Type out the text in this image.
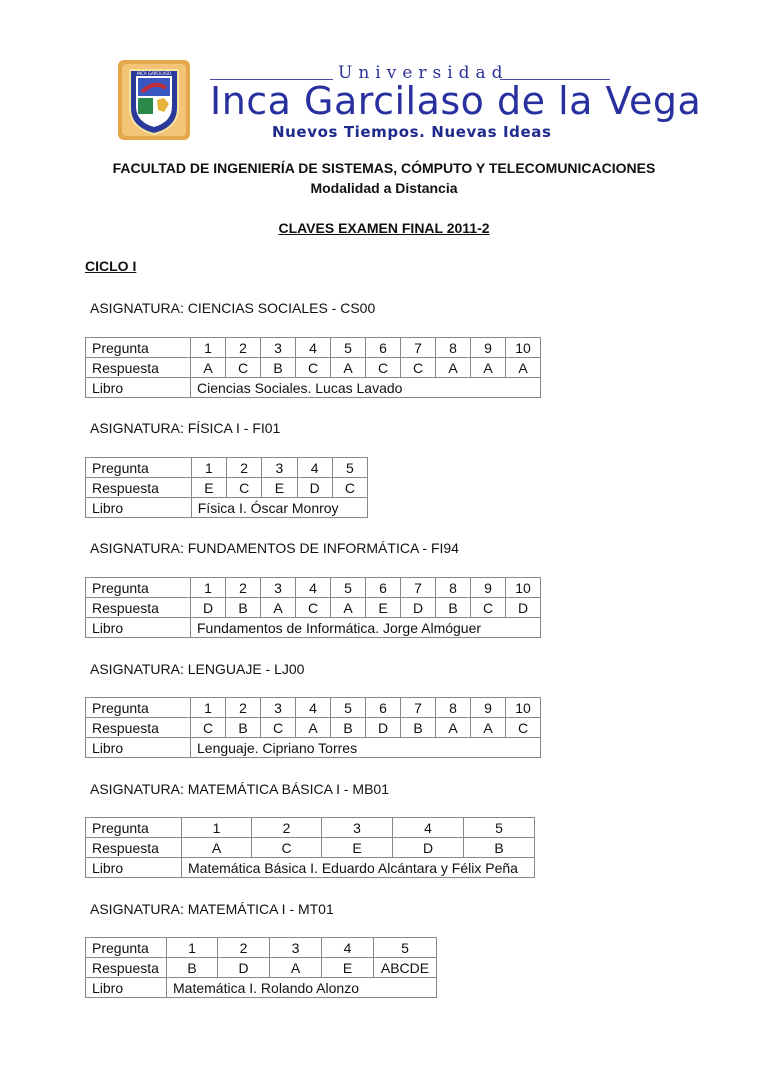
INCA GARCILASO	Universidad
Inca Garcilaso de la Vega
Nuevos Tiempos. Nuevas Ideas
FACULTAD DE INGENIERÍA DE SISTEMAS, CÓMPUTO Y TELECOMUNICACIONES
Modalidad a Distancia
CLAVES EXAMEN FINAL 2011-2
CICLO I
ASIGNATURA: CIENCIAS SOCIALES - CS00
Pregunta	1	2	3	4	5	6	7	8	9	10
Respuesta	A	C	B	C	A	C	C	A	A	A
Libro	Ciencias Sociales. Lucas Lavado									
ASIGNATURA: FÍSICA I - FI01
Pregunta	1	2	3	4	5
Respuesta	E	C	E	D	C
Libro	Física I. Óscar Monroy				
ASIGNATURA: FUNDAMENTOS DE INFORMÁTICA - FI94
Pregunta	1	2	3	4	5	6	7	8	9	10
Respuesta	D	B	A	C	A	E	D	B	C	D
Libro	Fundamentos de Informática. Jorge Almóguer									
ASIGNATURA: LENGUAJE - LJ00
Pregunta	1	2	3	4	5	6	7	8	9	10
Respuesta	C	B	C	A	B	D	B	A	A	C
Libro	Lenguaje. Cipriano Torres									
ASIGNATURA: MATEMÁTICA BÁSICA I - MB01
Pregunta	1	2	3	4	5
Respuesta	A	C	E	D	B
Libro	Matemática Básica I. Eduardo Alcántara y Félix Peña				
ASIGNATURA: MATEMÁTICA I - MT01
Pregunta	1	2	3	4	5
Respuesta	B	D	A	E	ABCDE
Libro	Matemática I. Rolando Alonzo				
